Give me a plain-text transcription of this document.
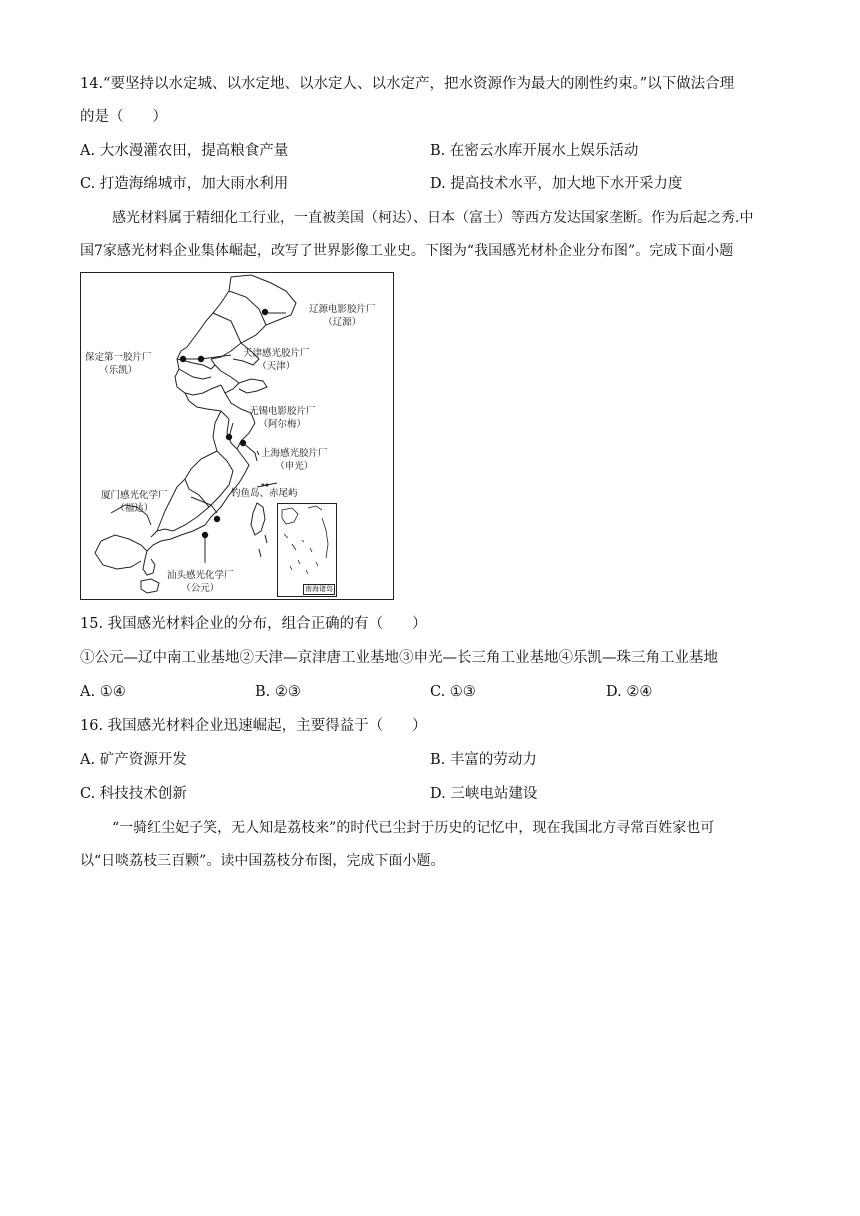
14.“要坚持以水定城、以水定地、以水定人、以水定产，把水资源作为最大的刚性约束。”以下做法合理
的是（　　）
A. 大水漫灌农田，提高粮食产量	B. 在密云水库开展水上娱乐活动
C. 打造海绵城市，加大雨水利用	D. 提高技术水平，加大地下水开采力度
感光材料属于精细化工行业，一直被美国（柯达）、日本（富士）等西方发达国家垄断。作为后起之秀.中
国7家感光材料企业集体崛起，改写了世界影像工业史。下图为“我国感光材朴企业分布图”。完成下面小题
辽源电影胶片厂
（辽源）
保定第一胶片厂
（乐凯）
天津感光胶片厂
（天津）
无锡电影胶片厂
（阿尔梅）
上海感光胶片厂
（申光）
厦门感光化学厂
（福达）
钓鱼岛、赤尾屿
汕头感光化学厂
（公元）	南海诸岛
15. 我国感光材料企业的分布，组合正确的有（　　）
①公元—辽中南工业基地②天津—京津唐工业基地③申光—长三角工业基地④乐凯—珠三角工业基地
A. ①④	B. ②③	C. ①③	D. ②④
16. 我国感光材料企业迅速崛起，主要得益于（　　）
A. 矿产资源开发	B. 丰富的劳动力
C. 科技技术创新	D. 三峡电站建设
“一骑红尘妃子笑，无人知是荔枝来”的时代已尘封于历史的记忆中，现在我国北方寻常百姓家也可
以“日啖荔枝三百颗”。读中国荔枝分布图，完成下面小题。
